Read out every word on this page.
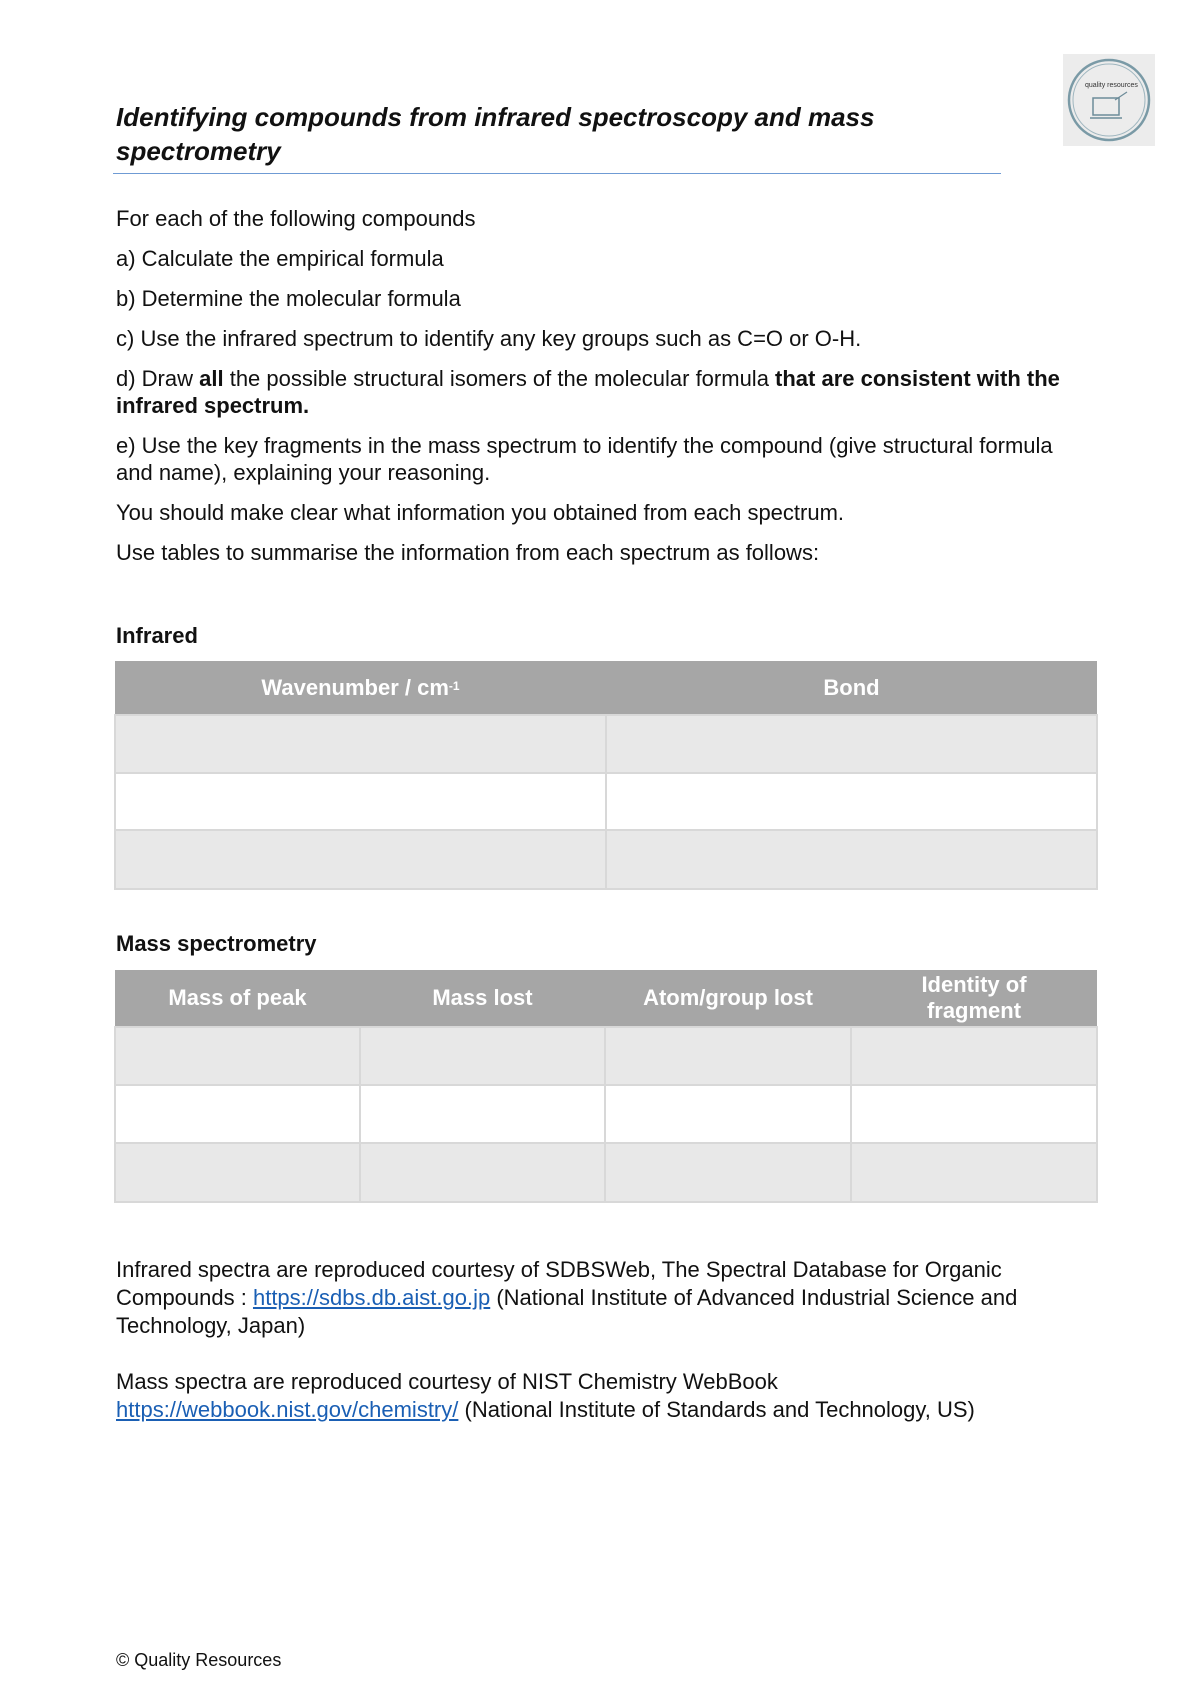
Identifying compounds from infrared spectroscopy and mass spectrometry
quality resources

For each of the following compounds

a) Calculate the empirical formula

b) Determine the molecular formula

c) Use the infrared spectrum to identify any key groups such as C=O or O-H.

d) Draw all the possible structural isomers of the molecular formula that are consistent with the infrared spectrum.

e) Use the key fragments in the mass spectrum to identify the compound (give structural formula and name), explaining your reasoning.

You should make clear what information you obtained from each spectrum.

Use tables to summarise the information from each spectrum as follows:

Infrared
Wavenumber / $cm^{-1}$	Bond

Mass spectrometry
Mass of peak	Mass lost	Atom/group lost	Identity of fragment

Infrared spectra are reproduced courtesy of SDBSWeb, The Spectral Database for Organic Compounds : https://sdbs.db.aist.go.jp (National Institute of Advanced Industrial Science and Technology, Japan)

Mass spectra are reproduced courtesy of NIST Chemistry WebBook
https://webbook.nist.gov/chemistry/ (National Institute of Standards and Technology, US)

© Quality Resources
